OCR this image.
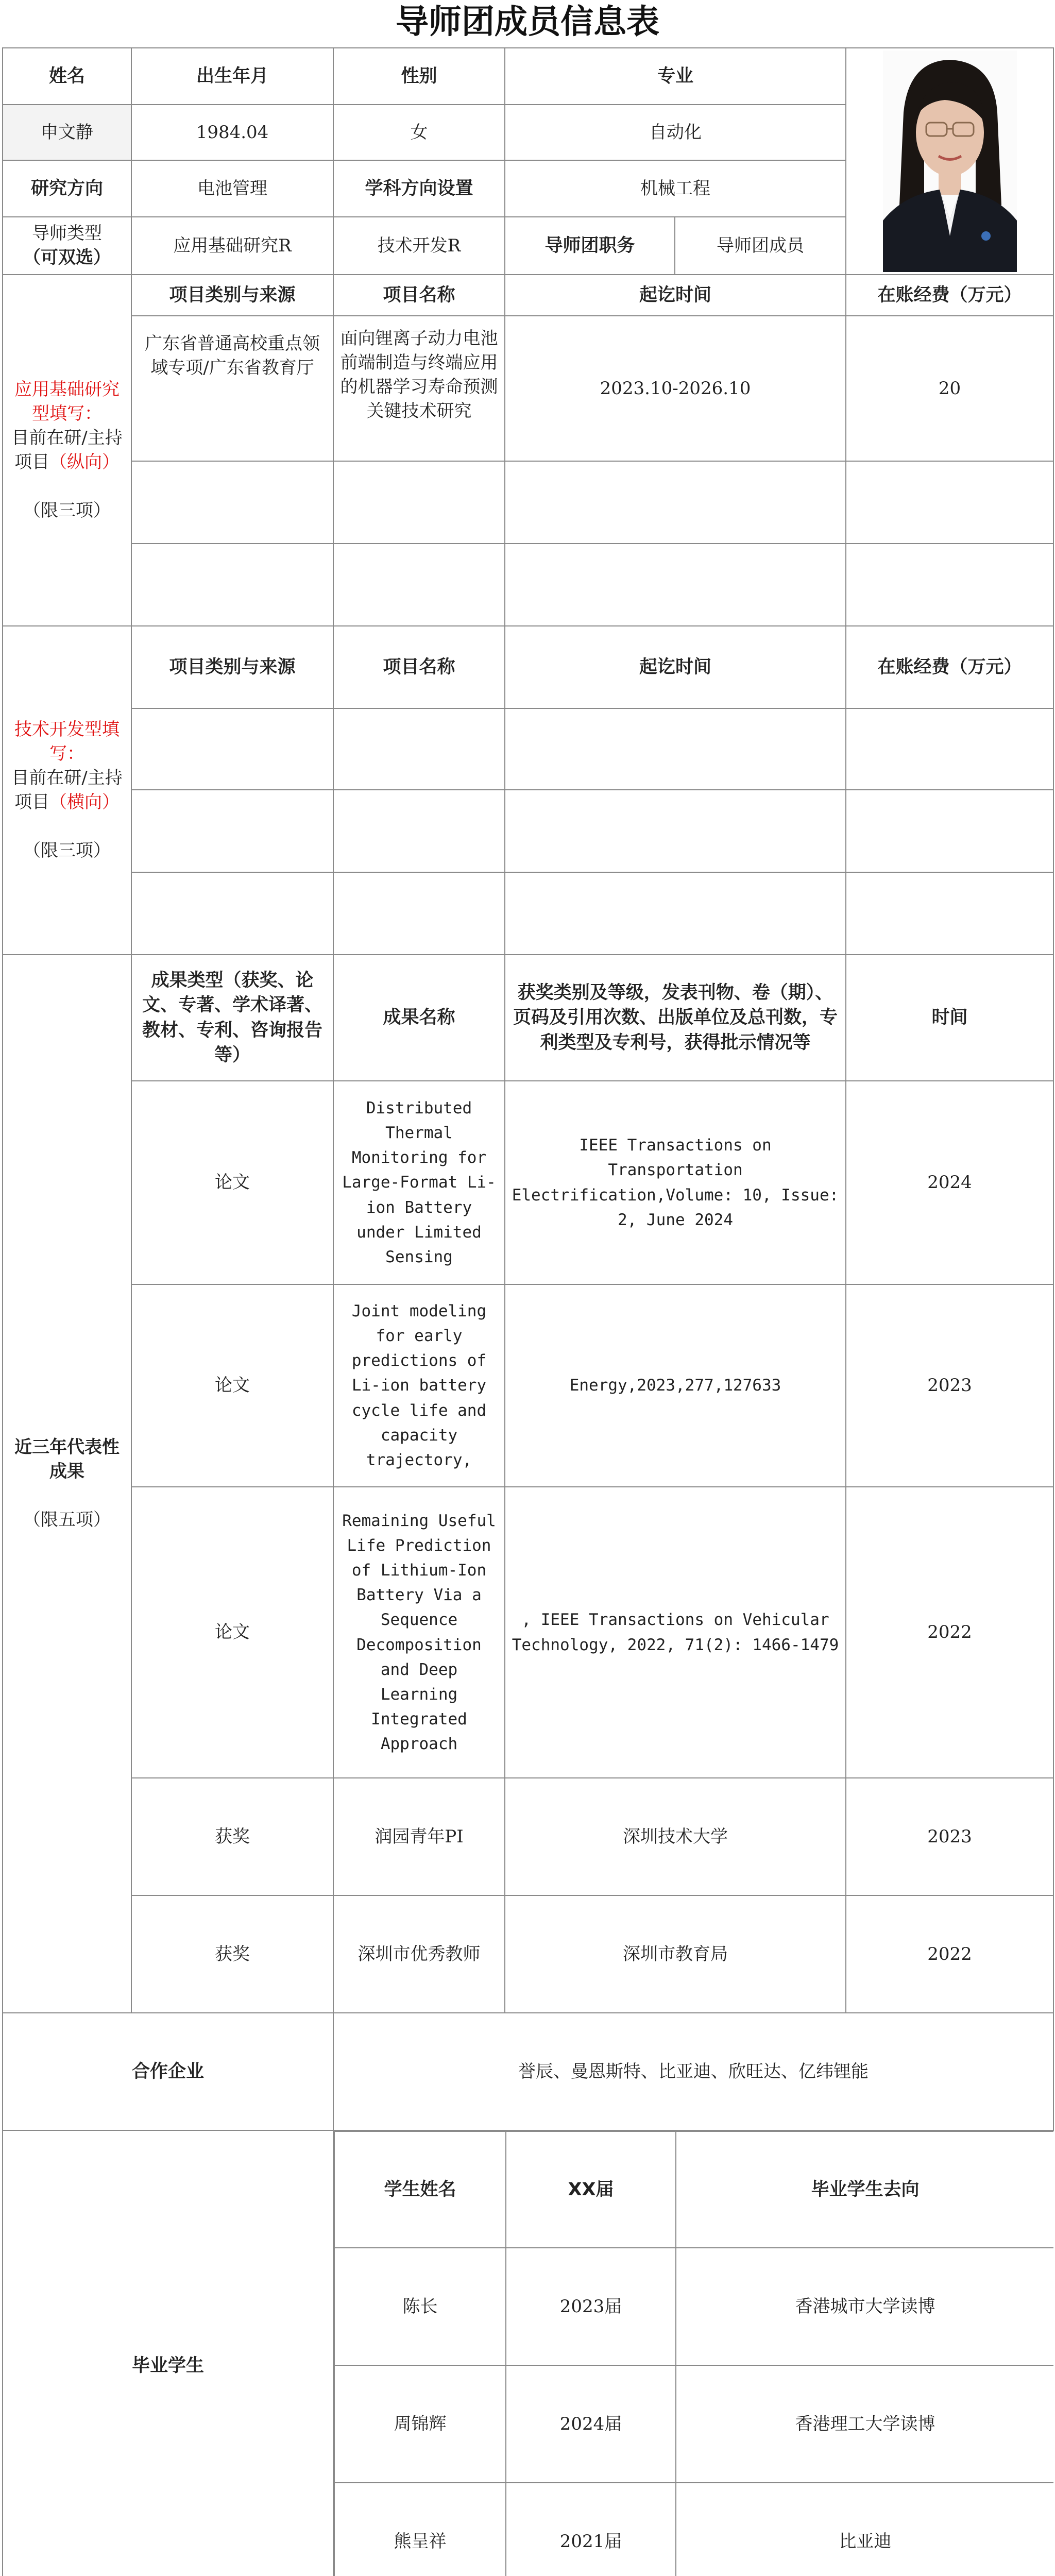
导师团成员信息表
姓名	出生年月	性别	专业	

申文静	1984.04	女	自动化
研究方向	电池管理	学科方向设置	机械工程
导师类型
（可双选）	应用基础研究R	技术开发R	导师团职务	导师团成员
应用基础研究
型填写：
目前在研/主持项目（纵向）

（限三项）	项目类别与来源	项目名称	起讫时间	在账经费（万元）
广东省普通高校重点领域专项/广东省教育厅	面向锂离子动力电池前端制造与终端应用的机器学习寿命预测关键技术研究	2023.10-2026.10	20

技术开发型填
写：
目前在研/主持项目（横向）

（限三项）	项目类别与来源	项目名称	起讫时间	在账经费（万元）

近三年代表性成果

（限五项）	成果类型（获奖、论文、专著、学术译著、教材、专利、咨询报告等）	成果名称	获奖类别及等级，发表刊物、卷（期）、页码及引用次数、出版单位及总刊数，专利类型及专利号，获得批示情况等	时间
论文	Distributed Thermal Monitoring for Large-Format Li-ion Battery under Limited Sensing	IEEE Transactions on Transportation Electrification,Volume: 10, Issue: 2, June 2024	2024
论文	Joint modeling for early predictions of Li-ion battery cycle life and capacity trajectory,	Energy,2023,277,127633	2023
论文	Remaining Useful Life Prediction of Lithium-Ion Battery Via a Sequence Decomposition and Deep Learning Integrated Approach	, IEEE Transactions on Vehicular Technology, 2022, 71(2): 1466-1479	2022
获奖	润园青年PI	深圳技术大学	2023
获奖	深圳市优秀教师	深圳市教育局	2022
合作企业	誉辰、曼恩斯特、比亚迪、欣旺达、亿纬锂能
毕业学生	
学生姓名	XX届	毕业学生去向
陈长	2023届	香港城市大学读博
周锦辉	2024届	香港理工大学读博
熊呈祥	2021届	比亚迪
